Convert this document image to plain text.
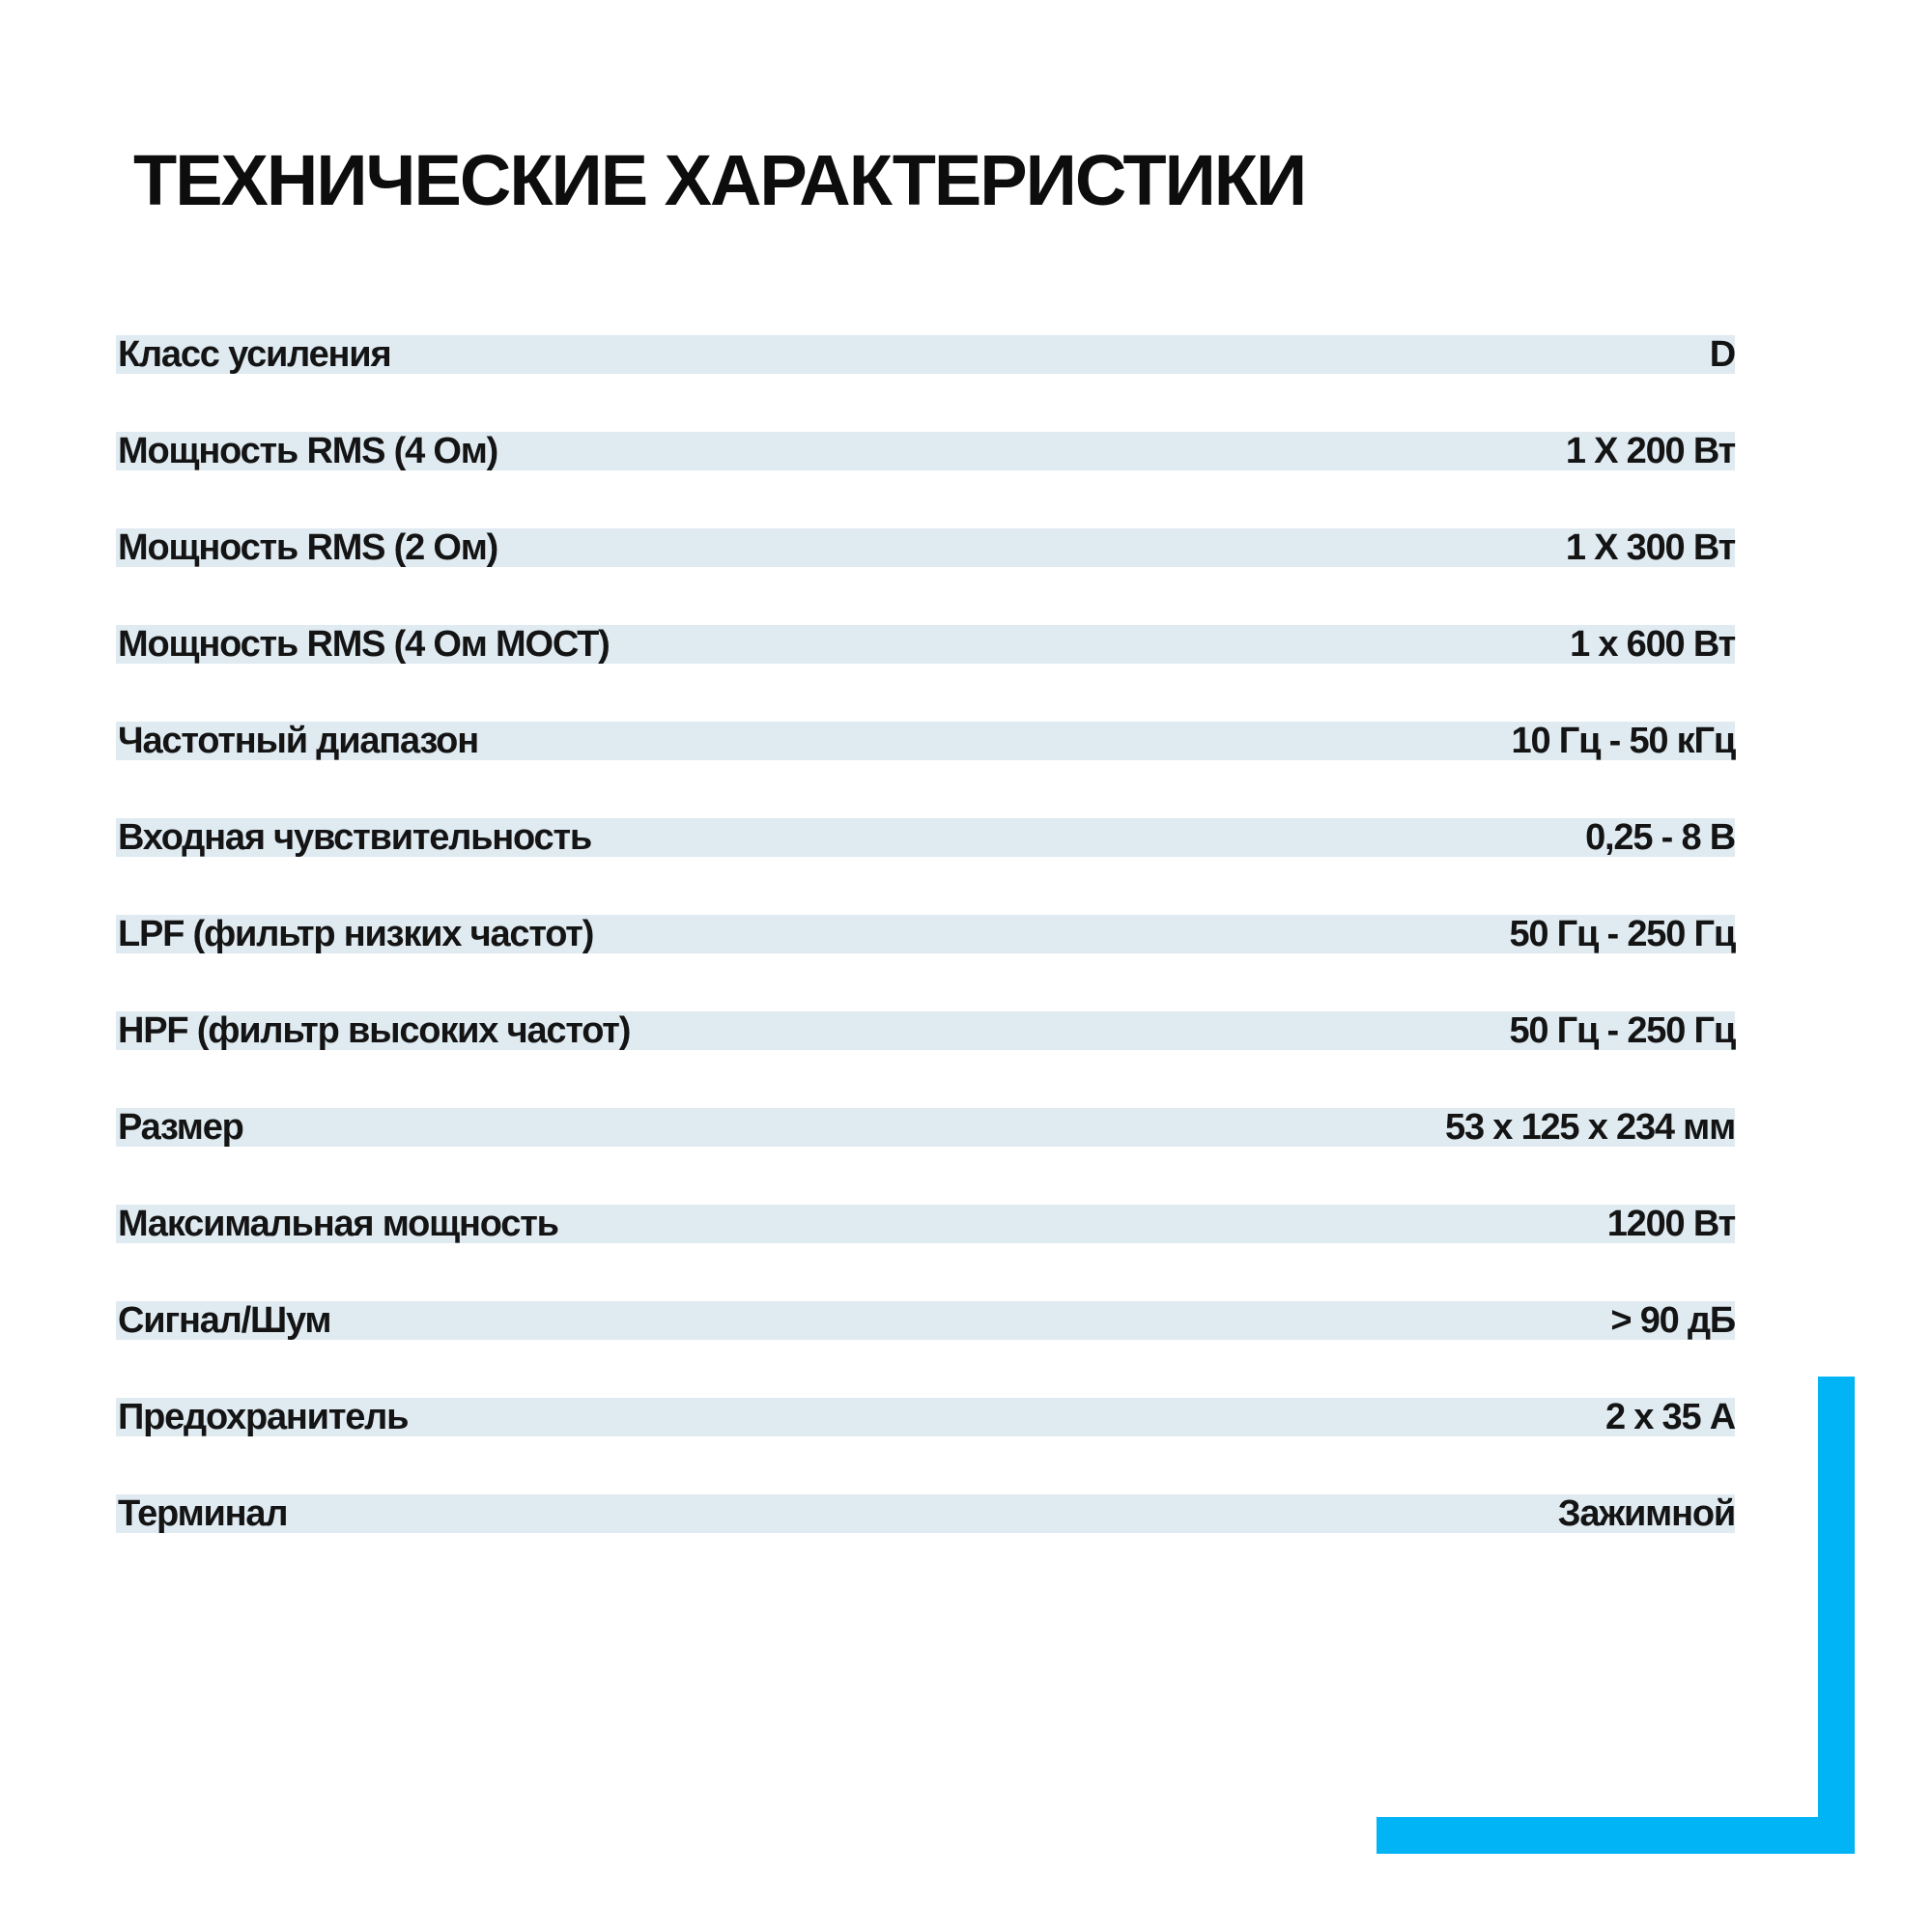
ТЕХНИЧЕСКИЕ ХАРАКТЕРИСТИКИ
Класс усиления	D
Мощность RMS (4 Ом)	1 X 200 Вт
Мощность RMS (2 Ом)	1 X 300 Вт
Мощность RMS (4 Ом МОСТ)	1 x 600 Вт
Частотный диапазон	10 Гц - 50 кГц
Входная чувствительность	0,25 - 8 В
LPF (фильтр низких частот)	50 Гц - 250 Гц
HPF (фильтр высоких частот)	50 Гц - 250 Гц
Размер	53 x 125 x 234 мм
Максимальная мощность	1200 Вт
Сигнал/Шум	> 90 дБ
Предохранитель	2 x 35 А
Терминал	Зажимной
